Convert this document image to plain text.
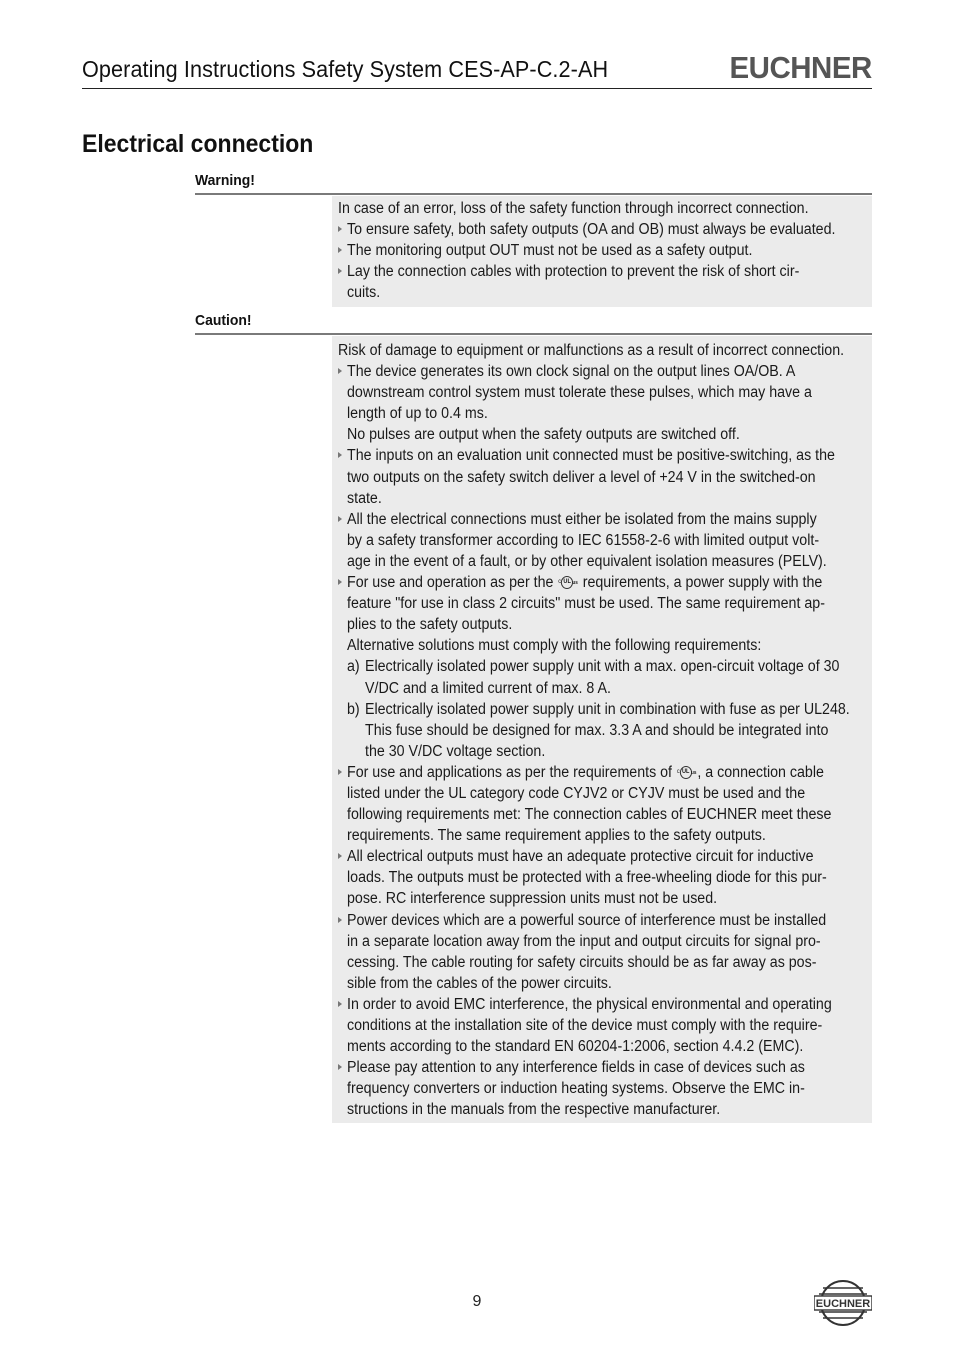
Operating Instructions Safety System CES-AP-C.2-AH	EUCHNER
Electrical connection
Warning!
In case of an error, loss of the safety function through incorrect connection.
To ensure safety, both safety outputs (OA and OB) must always be evaluated.
The monitoring output OUT must not be used as a safety output.
Lay the connection cables with protection to prevent the risk of short cir-
cuits.
Caution!
Risk of damage to equipment or malfunctions as a result of incorrect connection.
The device generates its own clock signal on the output lines OA/OB. A
downstream control system must tolerate these pulses, which may have a
length of up to 0.4 ms.
No pulses are output when the safety outputs are switched off.
The inputs on an evaluation unit connected must be positive-switching, as the
two outputs on the safety switch deliver a level of +24 V in the switched-on
state.
All the electrical connections must either be isolated from the mains supply
by a safety transformer according to IEC 61558-2-6 with limited output volt-
age in the event of a fault, or by other equivalent isolation measures (PELV).
For use and operation as per the c UL us requirements, a power supply with the
feature "for use in class 2 circuits" must be used. The same requirement ap-
plies to the safety outputs.
Alternative solutions must comply with the following requirements:
a) Electrically isolated power supply unit with a max. open-circuit voltage of 30
V/DC and a limited current of max. 8 A.
b) Electrically isolated power supply unit in combination with fuse as per UL248.
This fuse should be designed for max. 3.3 A and should be integrated into
the 30 V/DC voltage section.
For use and applications as per the requirements of c UL us , a connection cable
listed under the UL category code CYJV2 or CYJV must be used and the
following requirements met: The connection cables of EUCHNER meet these
requirements. The same requirement applies to the safety outputs.
All electrical outputs must have an adequate protective circuit for inductive
loads. The outputs must be protected with a free-wheeling diode for this pur-
pose. RC interference suppression units must not be used.
Power devices which are a powerful source of interference must be installed
in a separate location away from the input and output circuits for signal pro-
cessing. The cable routing for safety circuits should be as far away as pos-
sible from the cables of the power circuits.
In order to avoid EMC interference, the physical environmental and operating
conditions at the installation site of the device must comply with the require-
ments according to the standard EN 60204-1:2006, section 4.4.2 (EMC).
Please pay attention to any interference fields in case of devices such as
frequency converters or induction heating systems. Observe the EMC in-
structions in the manuals from the respective manufacturer.
9	EUCHNER
